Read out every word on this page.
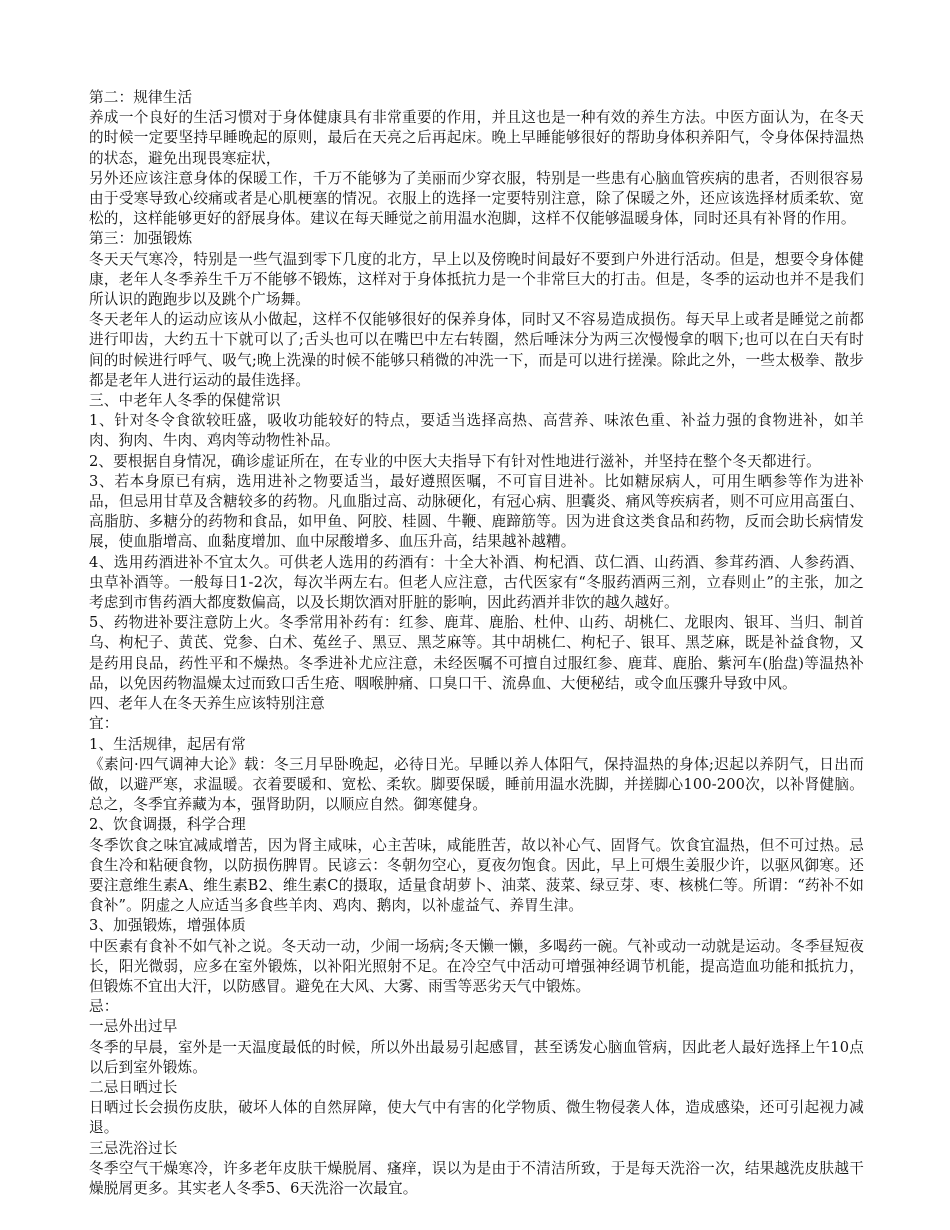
第二：规律生活

养成一个良好的生活习惯对于身体健康具有非常重要的作用，并且这也是一种有效的养生方法。中医方面认为，在冬天的时候一定要坚持早睡晚起的原则，最后在天亮之后再起床。晚上早睡能够很好的帮助身体积养阳气，令身体保持温热的状态，避免出现畏寒症状，

另外还应该注意身体的保暖工作，千万不能够为了美丽而少穿衣服，特别是一些患有心脑血管疾病的患者，否则很容易由于受寒导致心绞痛或者是心肌梗塞的情况。衣服上的选择一定要特别注意，除了保暖之外，还应该选择材质柔软、宽松的，这样能够更好的舒展身体。建议在每天睡觉之前用温水泡脚，这样不仅能够温暖身体，同时还具有补肾的作用。

第三：加强锻炼

冬天天气寒冷，特别是一些气温到零下几度的北方，早上以及傍晚时间最好不要到户外进行活动。但是，想要令身体健康，老年人冬季养生千万不能够不锻炼，这样对于身体抵抗力是一个非常巨大的打击。但是，冬季的运动也并不是我们所认识的跑跑步以及跳个广场舞。

冬天老年人的运动应该从小做起，这样不仅能够很好的保养身体，同时又不容易造成损伤。每天早上或者是睡觉之前都进行叩齿，大约五十下就可以了;舌头也可以在嘴巴中左右转圈，然后唾沫分为两三次慢慢拿的咽下;也可以在白天有时间的时候进行呼气、吸气;晚上洗澡的时候不能够只稍微的冲洗一下，而是可以进行搓澡。除此之外，一些太极拳、散步都是老年人进行运动的最佳选择。

三、中老年人冬季的保健常识

1、针对冬令食欲较旺盛，吸收功能较好的特点，要适当选择高热、高营养、味浓色重、补益力强的食物进补，如羊肉、狗肉、牛肉、鸡肉等动物性补品。

2、要根据自身情况，确诊虚证所在，在专业的中医大夫指导下有针对性地进行滋补，并坚持在整个冬天都进行。

3、若本身原已有病，选用进补之物要适当，最好遵照医嘱，不可盲目进补。比如糖尿病人，可用生晒参等作为进补品，但忌用甘草及含糖较多的药物。凡血脂过高、动脉硬化，有冠心病、胆囊炎、痛风等疾病者，则不可应用高蛋白、高脂肪、多糖分的药物和食品，如甲鱼、阿胶、桂圆、牛鞭、鹿蹄筋等。因为进食这类食品和药物，反而会助长病情发展，使血脂增高、血黏度增加、血中尿酸增多、血压升高，结果越补越糟。

4、选用药酒进补不宜太久。可供老人选用的药酒有：十全大补酒、枸杞酒、苡仁酒、山药酒、参茸药酒、人参药酒、虫草补酒等。一般每日1-2次，每次半两左右。但老人应注意，古代医家有“冬服药酒两三剂，立春则止”的主张，加之考虑到市售药酒大都度数偏高，以及长期饮酒对肝脏的影响，因此药酒并非饮的越久越好。

5、药物进补要注意防上火。冬季常用补药有：红参、鹿茸、鹿胎、杜仲、山药、胡桃仁、龙眼肉、银耳、当归、制首乌、枸杞子、黄芪、党参、白术、菟丝子、黑豆、黑芝麻等。其中胡桃仁、枸杞子、银耳、黑芝麻，既是补益食物，又是药用良品，药性平和不燥热。冬季进补尤应注意，未经医嘱不可擅自过服红参、鹿茸、鹿胎、紫河车(胎盘)等温热补品，以免因药物温燥太过而致口舌生疮、咽喉肿痛、口臭口干、流鼻血、大便秘结，或令血压骤升导致中风。

四、老年人在冬天养生应该特别注意

宜：

1、生活规律，起居有常

《素问·四气调神大论》载：冬三月早卧晚起，必待日光。早睡以养人体阳气，保持温热的身体;迟起以养阴气，日出而做，以避严寒，求温暖。衣着要暖和、宽松、柔软。脚要保暖，睡前用温水洗脚，并搓脚心100-200次，以补肾健脑。总之，冬季宜养藏为本，强肾助阴，以顺应自然。御寒健身。

2、饮食调摄，科学合理

冬季饮食之味宜减咸增苦，因为肾主咸味，心主苦味，咸能胜苦，故以补心气、固肾气。饮食宜温热，但不可过热。忌食生冷和粘硬食物，以防损伤脾胃。民谚云：冬朝勿空心，夏夜勿饱食。因此，早上可煨生姜服少许，以驱风御寒。还要注意维生素A、维生素B2、维生素C的摄取，适量食胡萝卜、油菜、菠菜、绿豆芽、枣、核桃仁等。所谓：“药补不如食补”。阴虚之人应适当多食些羊肉、鸡肉、鹅肉，以补虚益气、养胃生津。

3、加强锻炼，增强体质

中医素有食补不如气补之说。冬天动一动，少闹一场病;冬天懒一懒，多喝药一碗。气补或动一动就是运动。冬季昼短夜长，阳光微弱，应多在室外锻炼，以补阳光照射不足。在冷空气中活动可增强神经调节机能，提高造血功能和抵抗力，但锻炼不宜出大汗，以防感冒。避免在大风、大雾、雨雪等恶劣天气中锻炼。

忌：

一忌外出过早

冬季的早晨，室外是一天温度最低的时候，所以外出最易引起感冒，甚至诱发心脑血管病，因此老人最好选择上午10点以后到室外锻炼。

二忌日晒过长

日晒过长会损伤皮肤，破坏人体的自然屏障，使大气中有害的化学物质、微生物侵袭人体，造成感染，还可引起视力减退。

三忌洗浴过长

冬季空气干燥寒冷，许多老年皮肤干燥脱屑、瘙痒，误以为是由于不清洁所致，于是每天洗浴一次，结果越洗皮肤越干燥脱屑更多。其实老人冬季5、6天洗浴一次最宜。
